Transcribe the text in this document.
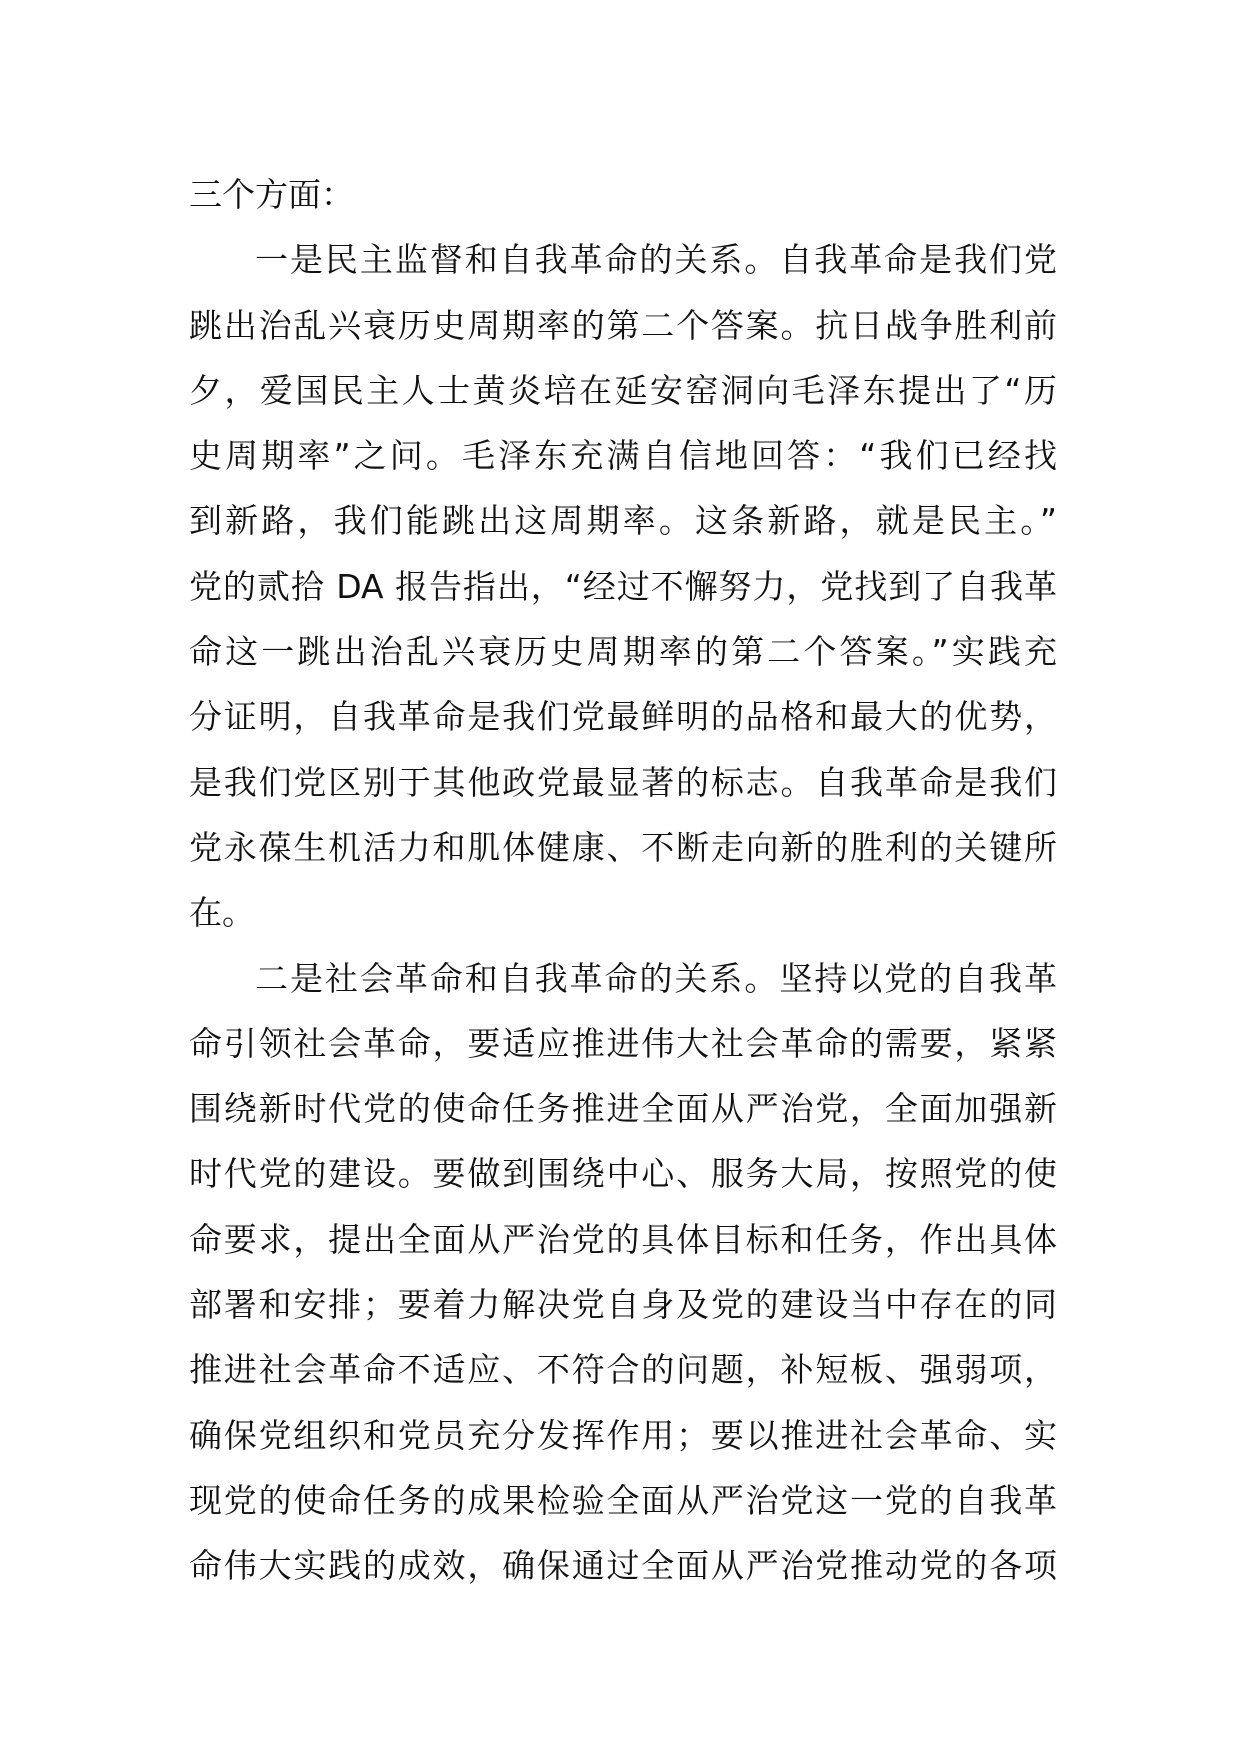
三个方面：
一是民主监督和自我革命的关系。自我革命是我们党
跳出治乱兴衰历史周期率的第二个答案。抗日战争胜利前
夕，爱国民主人士黄炎培在延安窑洞向毛泽东提出了“历
史周期率”之问。毛泽东充满自信地回答：“我们已经找
到新路，我们能跳出这周期率。这条新路，就是民主。”
党的贰拾 DA 报告指出，“经过不懈努力，党找到了自我革
命这一跳出治乱兴衰历史周期率的第二个答案。”实践充
分证明，自我革命是我们党最鲜明的品格和最大的优势，
是我们党区别于其他政党最显著的标志。自我革命是我们
党永葆生机活力和肌体健康、不断走向新的胜利的关键所
在。
二是社会革命和自我革命的关系。坚持以党的自我革
命引领社会革命，要适应推进伟大社会革命的需要，紧紧
围绕新时代党的使命任务推进全面从严治党，全面加强新
时代党的建设。要做到围绕中心、服务大局，按照党的使
命要求，提出全面从严治党的具体目标和任务，作出具体
部署和安排；要着力解决党自身及党的建设当中存在的同
推进社会革命不适应、不符合的问题，补短板、强弱项，
确保党组织和党员充分发挥作用；要以推进社会革命、实
现党的使命任务的成果检验全面从严治党这一党的自我革
命伟大实践的成效，确保通过全面从严治党推动党的各项
